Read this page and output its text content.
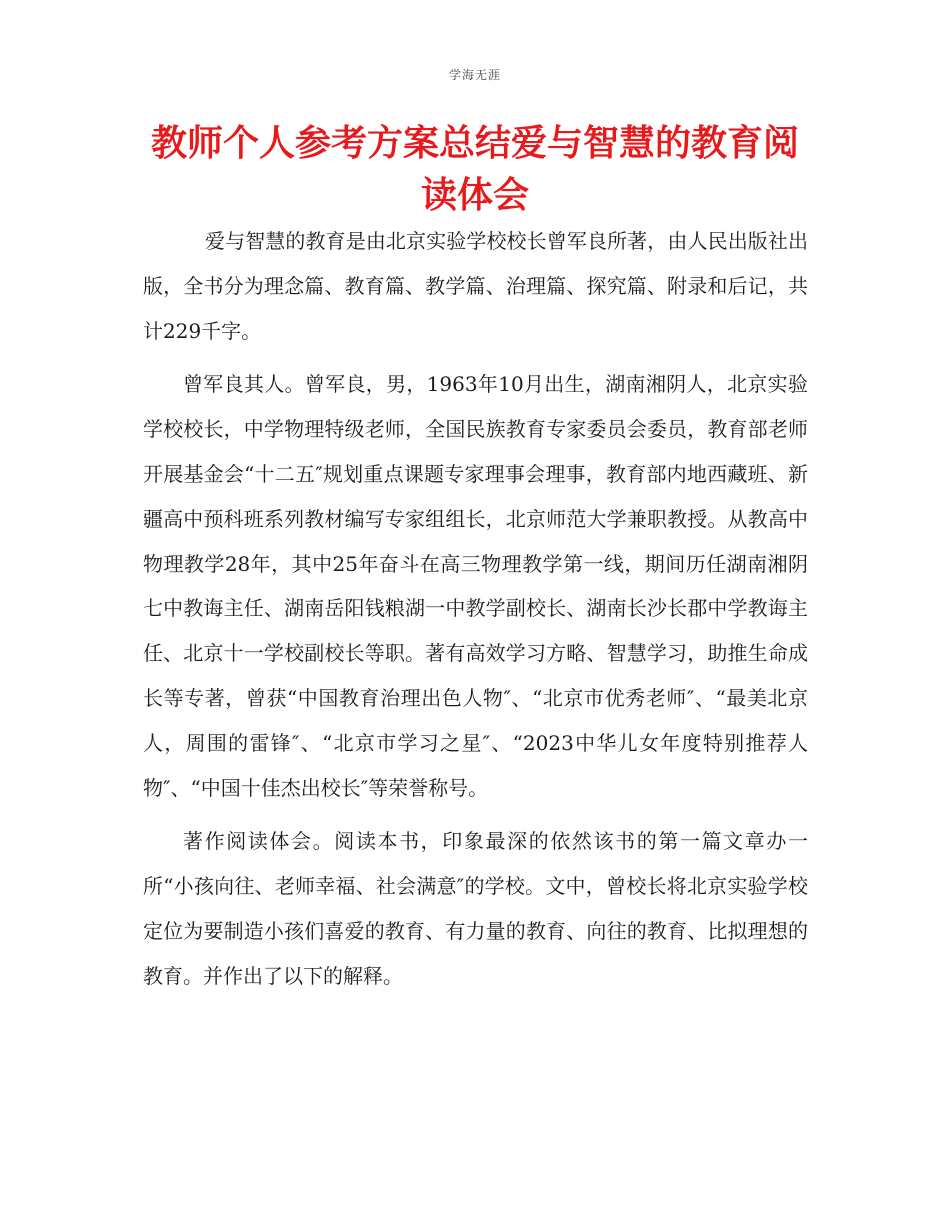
学海无涯
教师个人参考方案总结爱与智慧的教育阅读体会

爱与智慧的教育是由北京实验学校校长曾军良所著，由人民出版社出版，全书分为理念篇、教育篇、教学篇、治理篇、探究篇、附录和后记，共计229千字。

曾军良其人。曾军良，男，1963年10月出生，湖南湘阴人，北京实验学校校长，中学物理特级老师，全国民族教育专家委员会委员，教育部老师开展基金会“十二五″规划重点课题专家理事会理事，教育部内地西藏班、新疆高中预科班系列教材编写专家组组长，北京师范大学兼职教授。从教高中物理教学28年，其中25年奋斗在高三物理教学第一线，期间历任湖南湘阴七中教诲主任、湖南岳阳钱粮湖一中教学副校长、湖南长沙长郡中学教诲主任、北京十一学校副校长等职。著有高效学习方略、智慧学习，助推生命成长等专著，曾获“中国教育治理出色人物″、“北京市优秀老师″、“最美北京人，周围的雷锋″、“北京市学习之星″、“2023中华儿女年度特别推荐人物″、“中国十佳杰出校长″等荣誉称号。

著作阅读体会。阅读本书，印象最深的依然该书的第一篇文章办一所“小孩向往、老师幸福、社会满意″的学校。文中，曾校长将北京实验学校定位为要制造小孩们喜爱的教育、有力量的教育、向往的教育、比拟理想的教育。并作出了以下的解释。
